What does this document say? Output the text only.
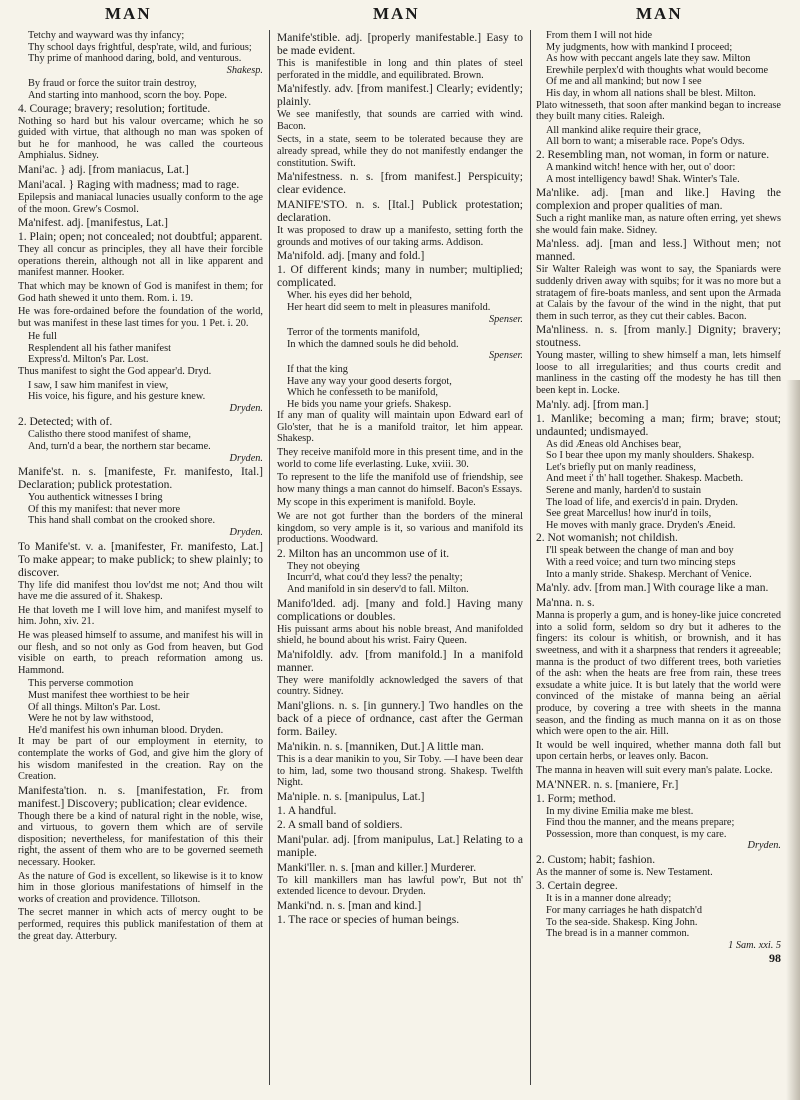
MAN	MAN	MAN
Tetchy and wayward was thy infancy;
Thy school days frightful, desp'rate, wild, and furious;
Thy prime of manhood daring, bold, and venturous.
Shakesp.
By fraud or force the suitor train destroy,
And starting into manhood, scorn the boy. Pope.
4. Courage; bravery; resolution; fortitude.
Nothing so hard but his valour overcame; which he so guided with virtue, that although no man was spoken of but he for manhood, he was called the courteous Amphialus. Sidney.
Mani'ac. } adj. [from maniacus, Lat.]
Mani'acal. } Raging with madness; mad to rage.
Epilepsis and maniacal lunacies usually conform to the age of the moon. Grew's Cosmol.
Ma'nifest. adj. [manifestus, Lat.]
1. Plain; open; not concealed; not doubtful; apparent.
They all concur as principles, they all have their forcible operations therein, although not all in like apparent and manifest manner. Hooker.
That which may be known of God is manifest in them; for God hath shewed it unto them. Rom. i. 19.
He was fore-ordained before the foundation of the world, but was manifest in these last times for you. 1 Pet. i. 20.
He full
Resplendent all his father manifest
Express'd. Milton's Par. Lost.
Thus manifest to sight the God appear'd. Dryd.
I saw, I saw him manifest in view,
His voice, his figure, and his gesture knew.
Dryden.
2. Detected; with of.
Calistho there stood manifest of shame,
And, turn'd a bear, the northern star became.
Dryden.
Manife'st. n. s. [manifeste, Fr. manifesto, Ital.] Declaration; publick protestation.
You authentick witnesses I bring
Of this my manifest: that never more
This hand shall combat on the crooked shore.
Dryden.
To Manife'st. v. a. [manifester, Fr. manifesto, Lat.] To make appear; to make publick; to shew plainly; to discover.
Thy life did manifest thou lov'dst me not; And thou wilt have me die assured of it. Shakesp.
He that loveth me I will love him, and manifest myself to him. John, xiv. 21.
He was pleased himself to assume, and manifest his will in our flesh, and so not only as God from heaven, but God visible on earth, to preach reformation among us. Hammond.
This perverse commotion
Must manifest thee worthiest to be heir
Of all things. Milton's Par. Lost.
Were he not by law withstood,
He'd manifest his own inhuman blood. Dryden.
It may be part of our employment in eternity, to contemplate the works of God, and give him the glory of his wisdom manifested in the creation. Ray on the Creation.
Manifesta'tion. n. s. [manifestation, Fr. from manifest.] Discovery; publication; clear evidence.
Though there be a kind of natural right in the noble, wise, and virtuous, to govern them which are of servile disposition; nevertheless, for manifestation of this their right, the assent of them who are to be governed seemeth necessary. Hooker.
As the nature of God is excellent, so likewise is it to know him in those glorious manifestations of himself in the works of creation and providence. Tillotson.
The secret manner in which acts of mercy ought to be performed, requires this publick manifestation of them at the great day. Atterbury.
Manife'stible. adj. [properly manifestable.] Easy to be made evident.
This is manifestible in long and thin plates of steel perforated in the middle, and equilibrated. Brown.
Ma'nifestly. adv. [from manifest.] Clearly; evidently; plainly.
We see manifestly, that sounds are carried with wind. Bacon.
Sects, in a state, seem to be tolerated because they are already spread, while they do not manifestly endanger the constitution. Swift.
Ma'nifestness. n. s. [from manifest.] Perspicuity; clear evidence.
MANIFE'STO. n. s. [Ital.] Publick protestation; declaration.
It was proposed to draw up a manifesto, setting forth the grounds and motives of our taking arms. Addison.
Ma'nifold. adj. [many and fold.]
1. Of different kinds; many in number; multiplied; complicated.
Wher. his eyes did her behold,
Her heart did seem to melt in pleasures manifold.
Spenser.
Terror of the torments manifold,
In which the damned souls he did behold.
Spenser.
If that the king
Have any way your good deserts forgot,
Which he confesseth to be manifold,
He bids you name your griefs. Shakesp.
If any man of quality will maintain upon Edward earl of Glo'ster, that he is a manifold traitor, let him appear. Shakesp.
They receive manifold more in this present time, and in the world to come life everlasting. Luke, xviii. 30.
To represent to the life the manifold use of friendship, see how many things a man cannot do himself. Bacon's Essays.
My scope in this experiment is manifold. Boyle.
We are not got further than the borders of the mineral kingdom, so very ample is it, so various and manifold its productions. Woodward.
2. Milton has an uncommon use of it.
They not obeying
Incurr'd, what cou'd they less? the penalty;
And manifold in sin deserv'd to fall. Milton.
Manifo'lded. adj. [many and fold.] Having many complications or doubles.
His puissant arms about his noble breast, And manifolded shield, he bound about his wrist. Fairy Queen.
Ma'nifoldly. adv. [from manifold.] In a manifold manner.
They were manifoldly acknowledged the savers of that country. Sidney.
Mani'glions. n. s. [in gunnery.] Two handles on the back of a piece of ordnance, cast after the German form. Bailey.
Ma'nikin. n. s. [manniken, Dut.] A little man.
This is a dear manikin to you, Sir Toby. —I have been dear to him, lad, some two thousand strong. Shakesp. Twelfth Night.
Ma'niple. n. s. [manipulus, Lat.]
1. A handful.
2. A small band of soldiers.
Mani'pular. adj. [from manipulus, Lat.] Relating to a maniple.
Manki'ller. n. s. [man and killer.] Murderer.
To kill mankillers man has lawful pow'r, But not th' extended licence to devour. Dryden.
Manki'nd. n. s. [man and kind.]
1. The race or species of human beings.
From them I will not hide
My judgments, how with mankind I proceed;
As how with peccant angels late they saw. Milton
Erewhile perplex'd with thoughts what would become
Of me and all mankind; but now I see
His day, in whom all nations shall be blest. Milton.
Plato witnesseth, that soon after mankind began to increase they built many cities. Raleigh.
All mankind alike require their grace,
All born to want; a miserable race. Pope's Odys.
2. Resembling man, not woman, in form or nature.
A mankind witch! hence with her, out o' door:
A most intelligency bawd! Shak. Winter's Tale.
Ma'nlike. adj. [man and like.] Having the complexion and proper qualities of man.
Such a right manlike man, as nature often erring, yet shews she would fain make. Sidney.
Ma'nless. adj. [man and less.] Without men; not manned.
Sir Walter Raleigh was wont to say, the Spaniards were suddenly driven away with squibs; for it was no more but a stratagem of fire-boats manless, and sent upon the Armada at Calais by the favour of the wind in the night, that put them in such terror, as they cut their cables. Bacon.
Ma'nliness. n. s. [from manly.] Dignity; bravery; stoutness.
Young master, willing to shew himself a man, lets himself loose to all irregularities; and thus courts credit and manliness in the casting off the modesty he has till then been kept in. Locke.
Ma'nly. adj. [from man.]
1. Manlike; becoming a man; firm; brave; stout; undaunted; undismayed.
As did Æneas old Anchises bear,
So I bear thee upon my manly shoulders. Shakesp.
Let's briefly put on manly readiness,
And meet i' th' hall together. Shakesp. Macbeth.
Serene and manly, harden'd to sustain
The load of life, and exercis'd in pain. Dryden.
See great Marcellus! how inur'd in toils,
He moves with manly grace. Dryden's Æneid.
2. Not womanish; not childish.
I'll speak between the change of man and boy
With a reed voice; and turn two mincing steps
Into a manly stride. Shakesp. Merchant of Venice.
Ma'nly. adv. [from man.] With courage like a man.
Ma'nna. n. s.
Manna is properly a gum, and is honey-like juice concreted into a solid form, seldom so dry but it adheres to the fingers: its colour is whitish, or brownish, and it has sweetness, and with it a sharpness that renders it agreeable; manna is the product of two different trees, both varieties of the ash: when the heats are free from rain, these trees exsudate a white juice. It is but lately that the world were convinced of the mistake of manna being an aërial produce, by covering a tree with sheets in the manna season, and the finding as much manna on it as on those which were open to the air. Hill.
It would be well inquired, whether manna doth fall but upon certain herbs, or leaves only. Bacon.
The manna in heaven will suit every man's palate. Locke.
MA'NNER. n. s. [maniere, Fr.]
1. Form; method.
In my divine Emilia make me blest.
Find thou the manner, and the means prepare;
Possession, more than conquest, is my care.
Dryden.
2. Custom; habit; fashion.
As the manner of some is. New Testament.
3. Certain degree.
It is in a manner done already;
For many carriages he hath dispatch'd
To the sea-side. Shakesp. King John.
The bread is in a manner common.
1 Sam. xxi. 5
98
